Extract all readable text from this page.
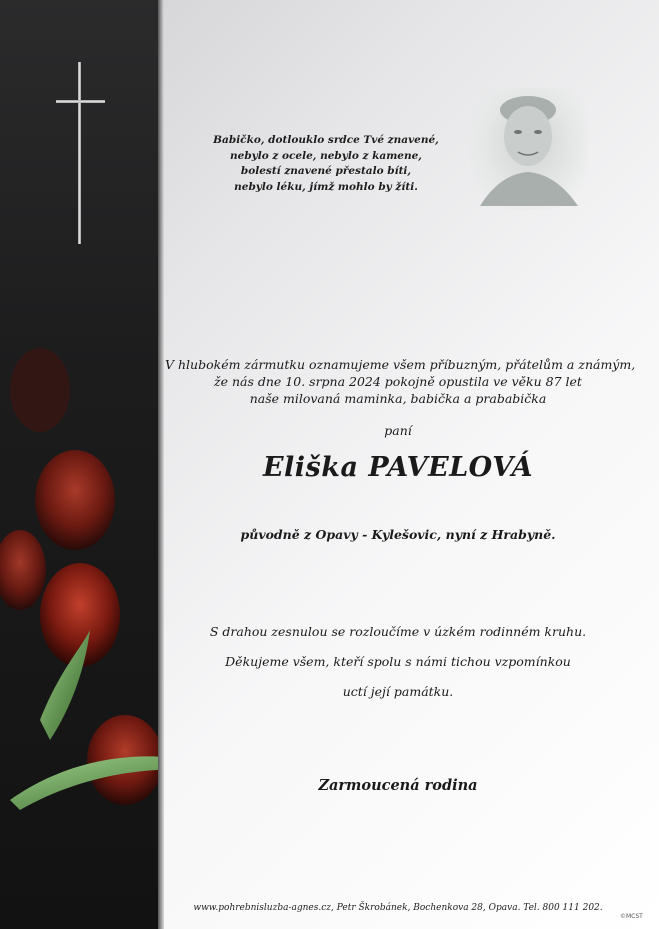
Babičko, dotlouklo srdce Tvé znavené,
nebylo z ocele, nebylo z kamene,
bolestí znavené přestalo bíti,
nebylo léku, jímž mohlo by žíti.
V hlubokém zármutku oznamujeme všem příbuzným, přátelům a známým,
že nás dne 10. srpna 2024 pokojně opustila ve věku 87 let
naše milovaná maminka, babička a prababička
paní
Eliška PAVELOVÁ
původně z Opavy - Kylešovic, nyní z Hrabyně.
S drahou zesnulou se rozloučíme v úzkém rodinném kruhu.
Děkujeme všem, kteří spolu s námi tichou vzpomínkou
uctí její památku.
Zarmoucená rodina
www.pohrebnisluzba-agnes.cz, Petr Škrobánek, Bochenkova 28, Opava. Tel. 800 111 202.
©MCST
